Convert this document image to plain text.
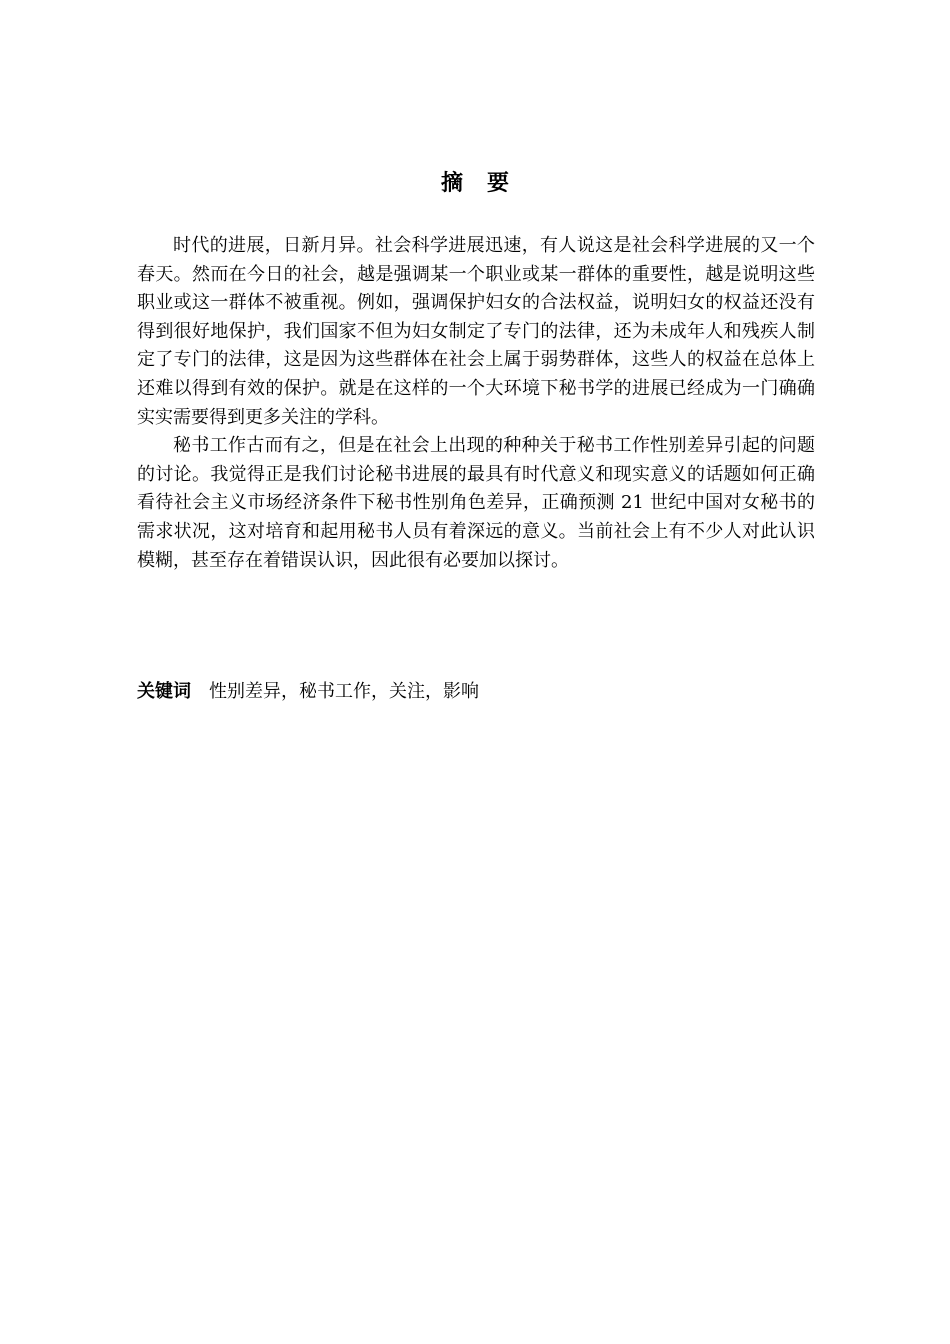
摘要

时代的进展，日新月异。社会科学进展迅速，有人说这是社会科学进展的又一个春天。然而在今日的社会，越是强调某一个职业或某一群体的重要性，越是说明这些职业或这一群体不被重视。例如，强调保护妇女的合法权益，说明妇女的权益还没有得到很好地保护，我们国家不但为妇女制定了专门的法律，还为未成年人和残疾人制定了专门的法律，这是因为这些群体在社会上属于弱势群体，这些人的权益在总体上还难以得到有效的保护。就是在这样的一个大环境下秘书学的进展已经成为一门确确实实需要得到更多关注的学科。

秘书工作古而有之，但是在社会上出现的种种关于秘书工作性别差异引起的问题的讨论。我觉得正是我们讨论秘书进展的最具有时代意义和现实意义的话题如何正确看待社会主义市场经济条件下秘书性别角色差异，正确预测 21 世纪中国对女秘书的需求状况，这对培育和起用秘书人员有着深远的意义。当前社会上有不少人对此认识模糊，甚至存在着错误认识，因此很有必要加以探讨。

关键词 性别差异，秘书工作，关注，影响
